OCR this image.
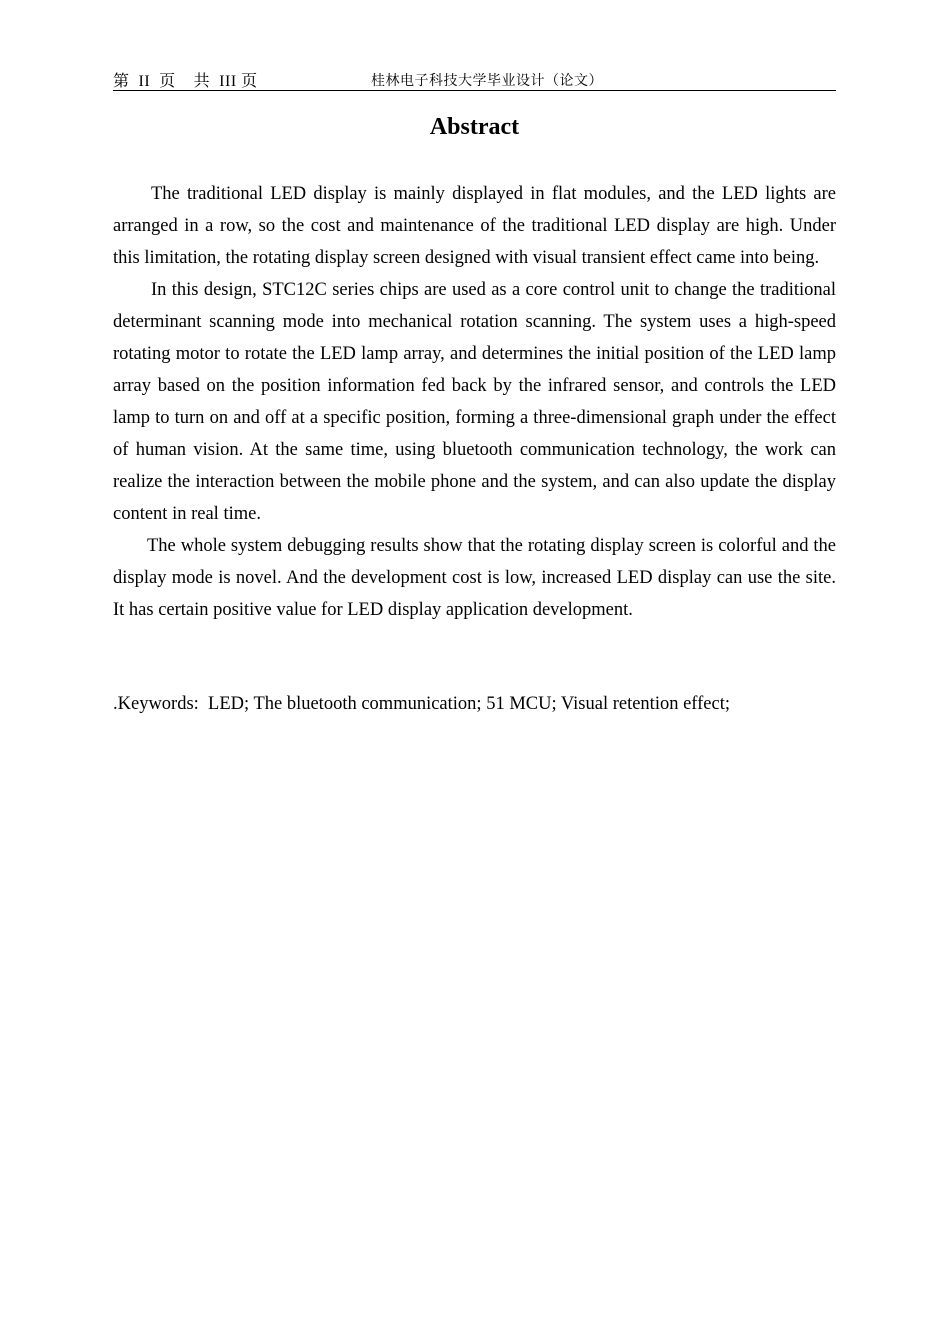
第  II  页    共  III 页	桂林电子科技大学毕业设计（论文）
Abstract

The traditional LED display is mainly displayed in flat modules, and the LED lights are arranged in a row, so the cost and maintenance of the traditional LED display are high. Under this limitation, the rotating display screen designed with visual transient effect came into being.

In this design, STC12C series chips are used as a core control unit to change the traditional determinant scanning mode into mechanical rotation scanning. The system uses a high-speed rotating motor to rotate the LED lamp array, and determines the initial position of the LED lamp array based on the position information fed back by the infrared sensor, and controls the LED lamp to turn on and off at a specific position, forming a three-dimensional graph under the effect of human vision. At the same time, using bluetooth communication technology, the work can realize the interaction between the mobile phone and the system, and can also update the display content in real time.

The whole system debugging results show that the rotating display screen is colorful and the display mode is novel. And the development cost is low, increased LED display can use the site. It has certain positive value for LED display application development.

.Keywords:  LED; The bluetooth communication; 51 MCU; Visual retention effect;
